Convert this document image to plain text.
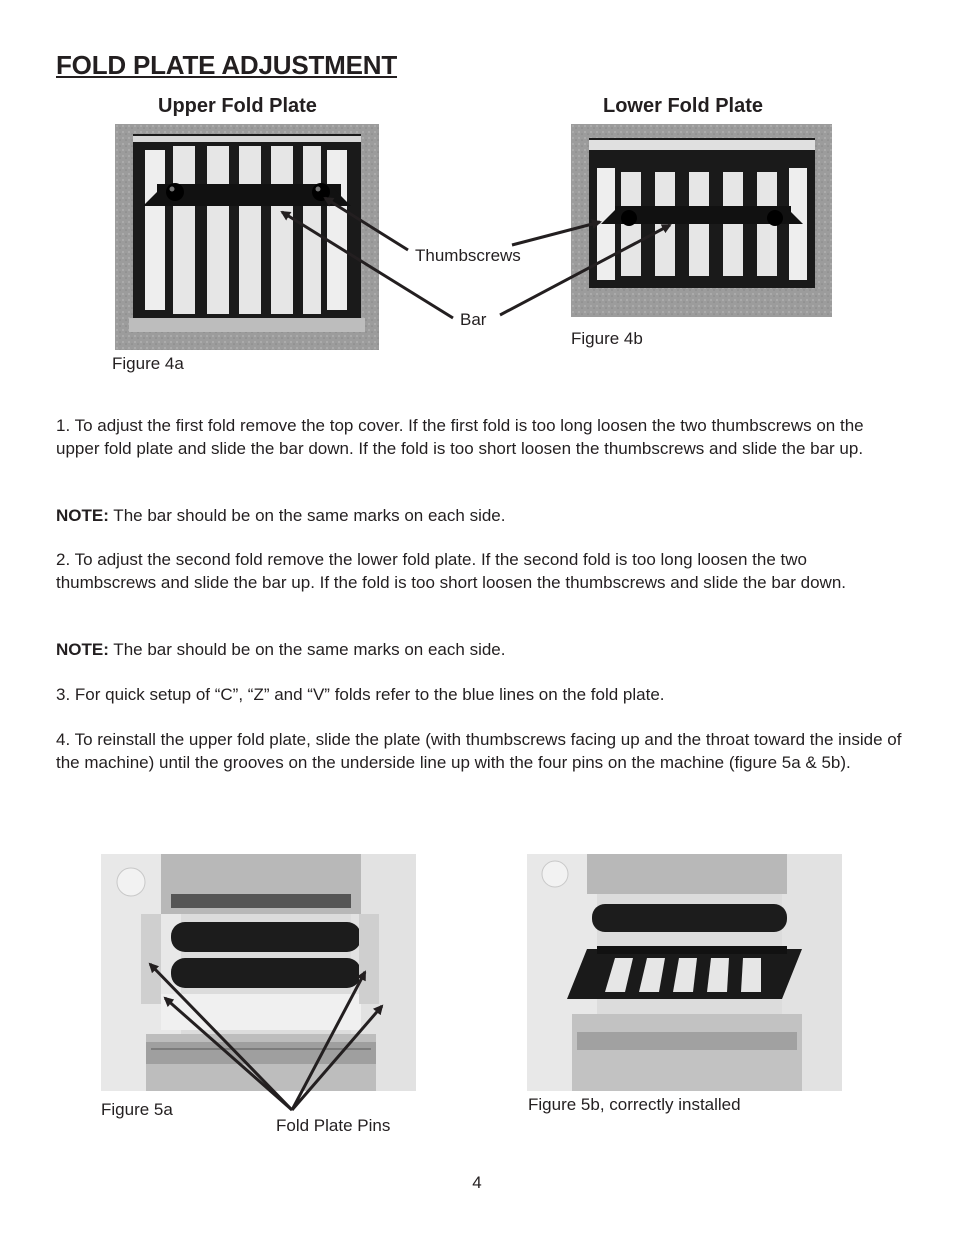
FOLD PLATE ADJUSTMENT
Upper Fold Plate	Lower Fold Plate
Thumbscrews
Bar
Figure 4b
Figure 4a
1. To adjust the first fold remove the top cover. If the first fold is too long loosen the two thumbscrews on the upper fold plate and slide the bar down. If the fold is too short loosen the thumbscrews and slide the bar up.
NOTE: The bar should be on the same marks on each side.
2. To adjust the second fold remove the lower fold plate. If the second fold is too long loosen the two thumbscrews and slide the bar up. If the fold is too short loosen the thumbscrews and slide the bar down.
NOTE: The bar should be on the same marks on each side.
3. For quick setup of “C”, “Z” and “V” folds refer to the blue lines on the fold plate.
4. To reinstall the upper fold plate, slide the plate (with thumbscrews facing up and the throat toward the inside of the machine) until the grooves on the underside line up with the four pins on the machine (figure 5a & 5b).
Figure 5a	Figure 5b, correctly installed
Fold Plate Pins
4
